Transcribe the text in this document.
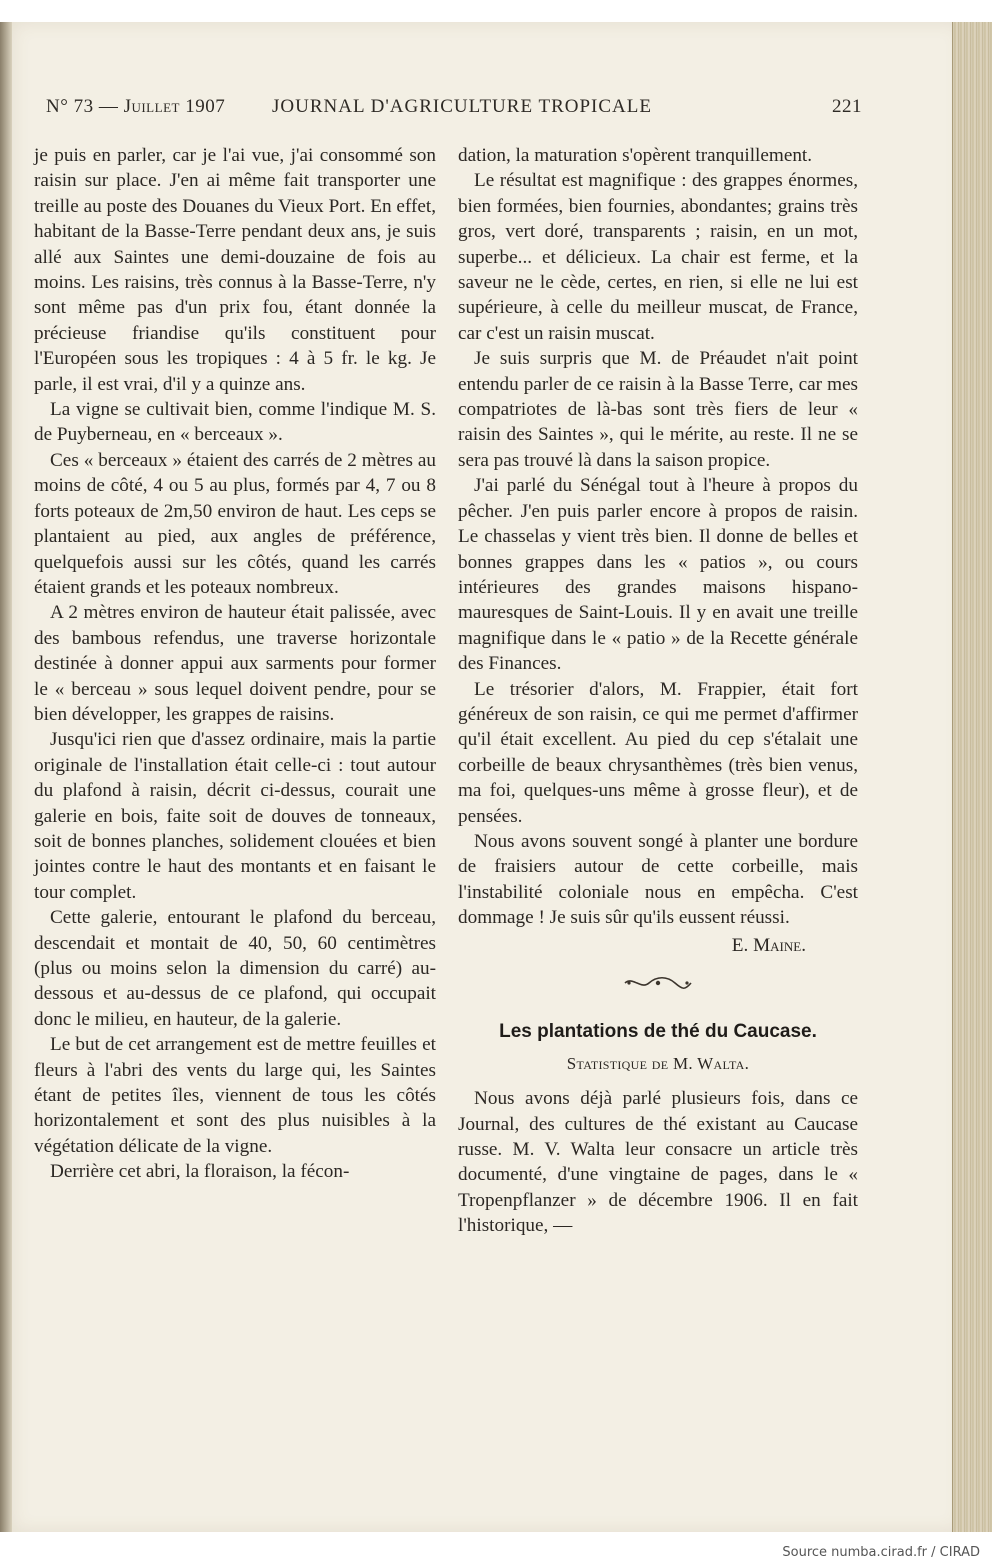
N° 73 — Juillet 1907 JOURNAL D'AGRICULTURE TROPICALE	221

je puis en parler, car je l'ai vue, j'ai consommé son raisin sur place. J'en ai même fait transporter une treille au poste des Douanes du Vieux Port. En effet, habitant de la Basse-Terre pendant deux ans, je suis allé aux Saintes une demi-douzaine de fois au moins. Les raisins, très connus à la Basse-Terre, n'y sont même pas d'un prix fou, étant donnée la précieuse friandise qu'ils constituent pour l'Européen sous les tropiques : 4 à 5 fr. le kg. Je parle, il est vrai, d'il y a quinze ans.

La vigne se cultivait bien, comme l'indique M. S. de Puyberneau, en « berceaux ».

Ces « berceaux » étaient des carrés de 2 mètres au moins de côté, 4 ou 5 au plus, formés par 4, 7 ou 8 forts poteaux de 2m,50 environ de haut. Les ceps se plantaient au pied, aux angles de préférence, quelquefois aussi sur les côtés, quand les carrés étaient grands et les poteaux nombreux.

A 2 mètres environ de hauteur était palissée, avec des bambous refendus, une traverse horizontale destinée à donner appui aux sarments pour former le « berceau » sous lequel doivent pendre, pour se bien développer, les grappes de raisins.

Jusqu'ici rien que d'assez ordinaire, mais la partie originale de l'installation était celle-ci : tout autour du plafond à raisin, décrit ci-dessus, courait une galerie en bois, faite soit de douves de tonneaux, soit de bonnes planches, solidement clouées et bien jointes contre le haut des montants et en faisant le tour complet.

Cette galerie, entourant le plafond du berceau, descendait et montait de 40, 50, 60 centimètres (plus ou moins selon la dimension du carré) au-dessous et au-dessus de ce plafond, qui occupait donc le milieu, en hauteur, de la galerie.

Le but de cet arrangement est de mettre feuilles et fleurs à l'abri des vents du large qui, les Saintes étant de petites îles, viennent de tous les côtés horizontalement et sont des plus nuisibles à la végétation délicate de la vigne.

Derrière cet abri, la floraison, la fécon-

dation, la maturation s'opèrent tranquillement.

Le résultat est magnifique : des grappes énormes, bien formées, bien fournies, abondantes; grains très gros, vert doré, transparents ; raisin, en un mot, superbe... et délicieux. La chair est ferme, et la saveur ne le cède, certes, en rien, si elle ne lui est supérieure, à celle du meilleur muscat, de France, car c'est un raisin muscat.

Je suis surpris que M. de Préaudet n'ait point entendu parler de ce raisin à la Basse Terre, car mes compatriotes de là-bas sont très fiers de leur « raisin des Saintes », qui le mérite, au reste. Il ne se sera pas trouvé là dans la saison propice.

J'ai parlé du Sénégal tout à l'heure à propos du pêcher. J'en puis parler encore à propos de raisin. Le chasselas y vient très bien. Il donne de belles et bonnes grappes dans les « patios », ou cours intérieures des grandes maisons hispano-mauresques de Saint-Louis. Il y en avait une treille magnifique dans le « patio » de la Recette générale des Finances.

Le trésorier d'alors, M. Frappier, était fort généreux de son raisin, ce qui me permet d'affirmer qu'il était excellent. Au pied du cep s'étalait une corbeille de beaux chrysanthèmes (très bien venus, ma foi, quelques-uns même à grosse fleur), et de pensées.

Nous avons souvent songé à planter une bordure de fraisiers autour de cette corbeille, mais l'instabilité coloniale nous en empêcha. C'est dommage ! Je suis sûr qu'ils eussent réussi.

E. Maine.
Les plantations de thé du Caucase.
Statistique de M. Walta.

Nous avons déjà parlé plusieurs fois, dans ce Journal, des cultures de thé existant au Caucase russe. M. V. Walta leur consacre un article très documenté, d'une vingtaine de pages, dans le « Tropenpflanzer » de décembre 1906. Il en fait l'historique, —

Source numba.cirad.fr / CIRAD
